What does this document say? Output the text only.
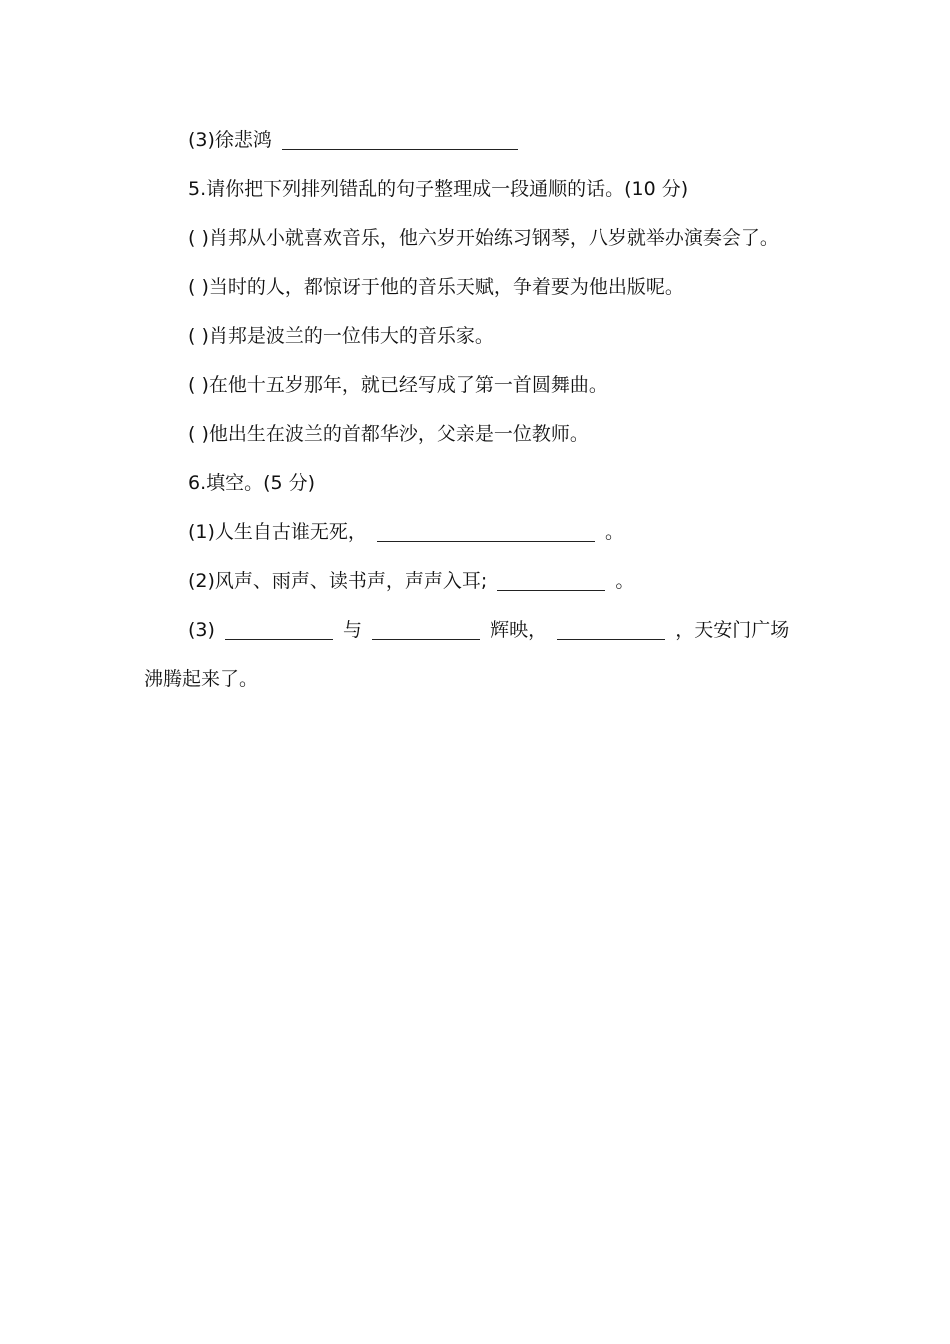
(3)徐悲鸿

5.请你把下列排列错乱的句子整理成一段通顺的话。(10 分)

( )肖邦从小就喜欢音乐，他六岁开始练习钢琴，八岁就举办演奏会了。

( )当时的人，都惊讶于他的音乐天赋，争着要为他出版呢。

( )肖邦是波兰的一位伟大的音乐家。

( )在他十五岁那年，就已经写成了第一首圆舞曲。

( )他出生在波兰的首都华沙，父亲是一位教师。

6.填空。(5 分)

(1)人生自古谁无死，	。

(2)风声、雨声、读书声，声声入耳;	。

(3)	与	辉映，	，天安门广场沸腾起来了。
